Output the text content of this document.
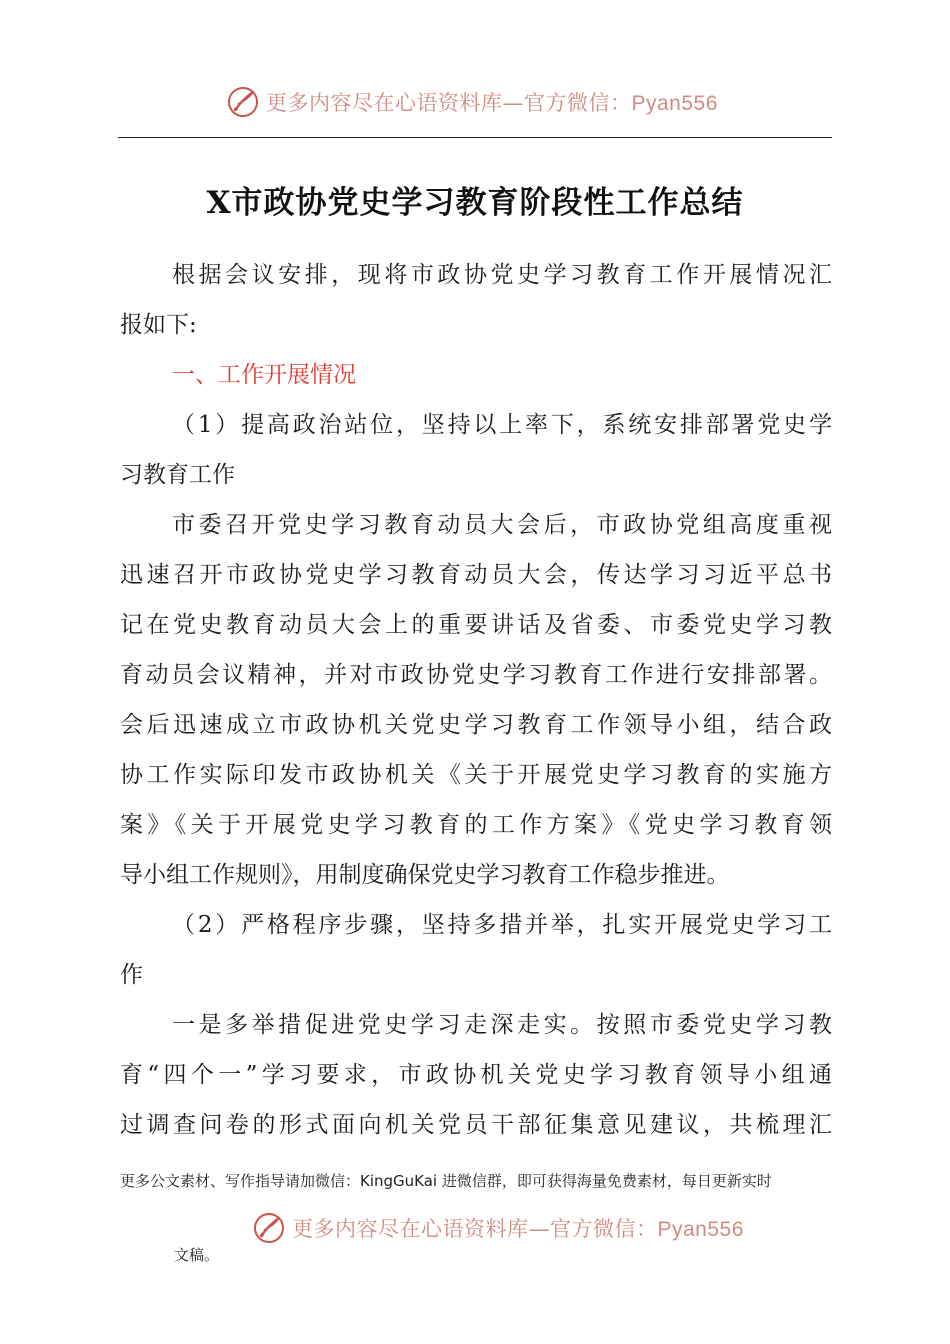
更多内容尽在心语资料库—官方微信：Pyan556
X市政协党史学习教育阶段性工作总结
根据会议安排，现将市政协党史学习教育工作开展情况汇
报如下:
一、工作开展情况
（1）提高政治站位，坚持以上率下，系统安排部署党史学
习教育工作
市委召开党史学习教育动员大会后，市政协党组高度重视
迅速召开市政协党史学习教育动员大会，传达学习习近平总书
记在党史教育动员大会上的重要讲话及省委、市委党史学习教
育动员会议精神，并对市政协党史学习教育工作进行安排部署。
会后迅速成立市政协机关党史学习教育工作领导小组，结合政
协工作实际印发市政协机关《关于开展党史学习教育的实施方
案》《关于开展党史学习教育的工作方案》《党史学习教育领
导小组工作规则》，用制度确保党史学习教育工作稳步推进。
（2）严格程序步骤，坚持多措并举，扎实开展党史学习工
作
一是多举措促进党史学习走深走实。按照市委党史学习教
育“四个一”学习要求，市政协机关党史学习教育领导小组通
过调查问卷的形式面向机关党员干部征集意见建议，共梳理汇
更多公文素材、写作指导请加微信：KingGuKai 进微信群，即可获得海量免费素材，每日更新实时
更多内容尽在心语资料库—官方微信：Pyan556
文稿。
